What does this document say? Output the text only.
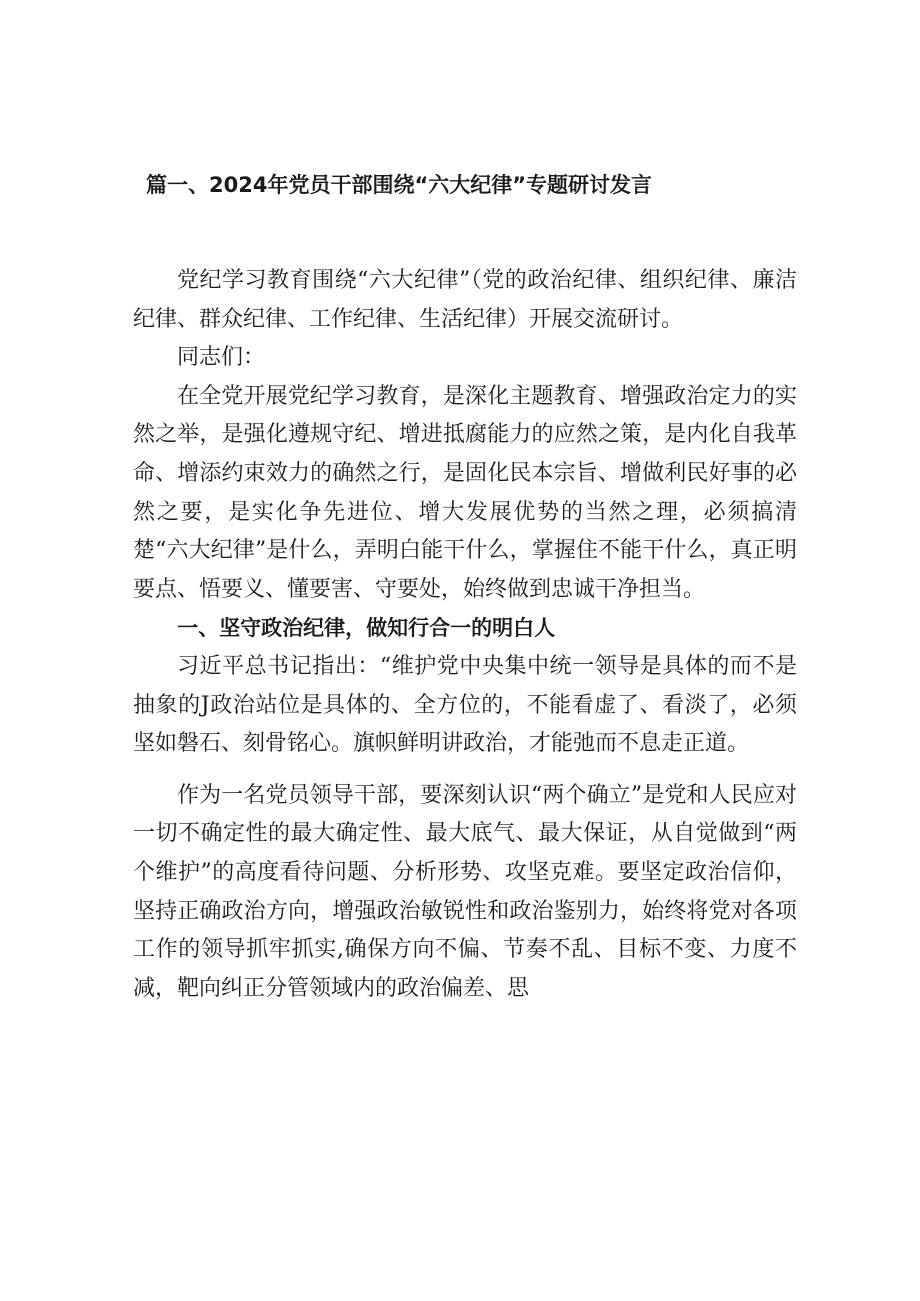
篇一、2024年党员干部围绕“六大纪律”专题研讨发言

党纪学习教育围绕“六大纪律”（党的政治纪律、组织纪律、廉洁纪律、群众纪律、工作纪律、生活纪律）开展交流研讨。

同志们：

在全党开展党纪学习教育，是深化主题教育、增强政治定力的实然之举，是强化遵规守纪、增进抵腐能力的应然之策，是内化自我革命、增添约束效力的确然之行，是固化民本宗旨、增做利民好事的必然之要，是实化争先进位、增大发展优势的当然之理，必须搞清楚“六大纪律”是什么，弄明白能干什么，掌握住不能干什么，真正明要点、悟要义、懂要害、守要处，始终做到忠诚干净担当。

一、坚守政治纪律，做知行合一的明白人

习近平总书记指出：“维护党中央集中统一领导是具体的而不是抽象的J政治站位是具体的、全方位的，不能看虚了、看淡了，必须坚如磐石、刻骨铭心。旗帜鲜明讲政治，才能弛而不息走正道。

作为一名党员领导干部，要深刻认识“两个确立”是党和人民应对一切不确定性的最大确定性、最大底气、最大保证，从自觉做到“两个维护”的高度看待问题、分析形势、攻坚克难。要坚定政治信仰，坚持正确政治方向，增强政治敏锐性和政治鉴别力，始终将党对各项工作的领导抓牢抓实,确保方向不偏、节奏不乱、目标不变、力度不减，靶向纠正分管领域内的政治偏差、思
